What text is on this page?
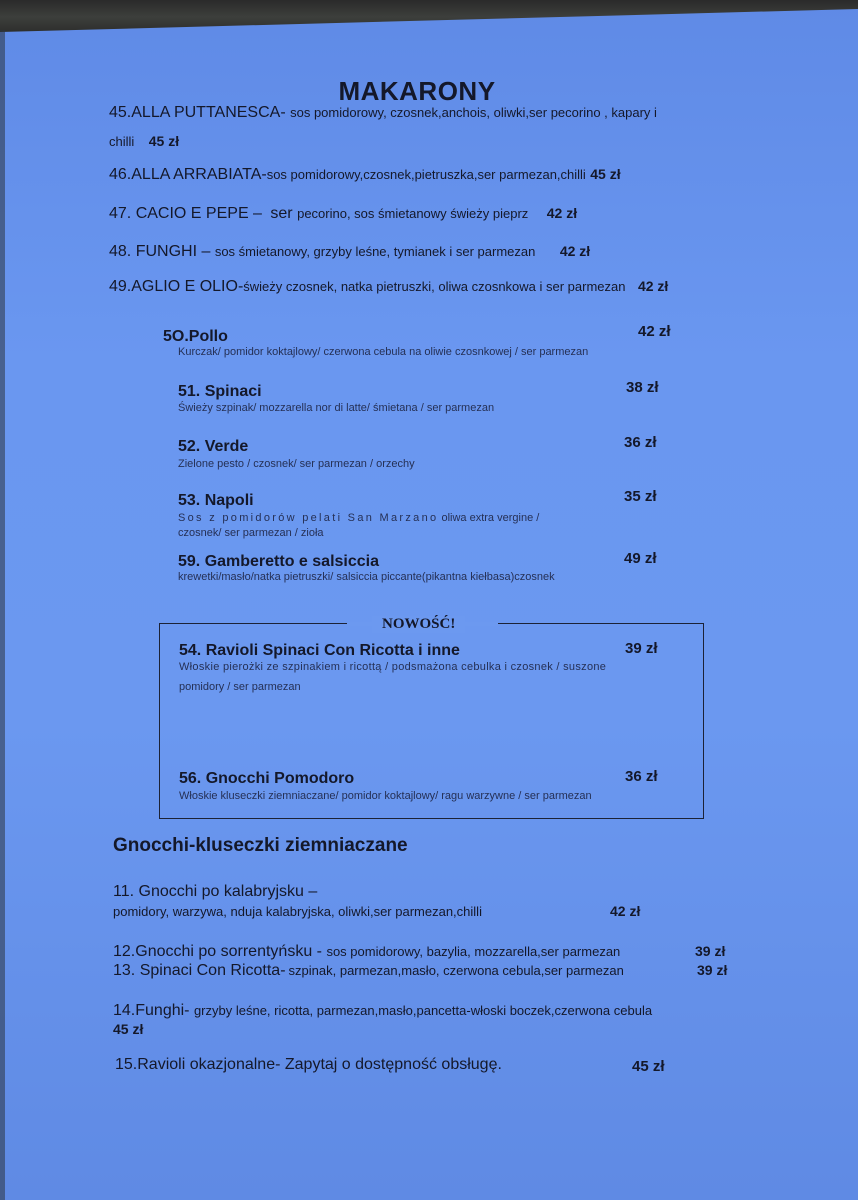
MAKARONY
45.ALLA PUTTANESCA- sos pomidorowy, czosnek,anchois, oliwki,ser pecorino , kapary i
chilli 45 zł
46.ALLA ARRABIATA-sos pomidorowy,czosnek,pietruszka,ser parmezan,chilli 45 zł
47. CACIO E PEPE – ser pecorino, sos śmietanowy świeży pieprz 42 zł
48. FUNGHI – sos śmietanowy, grzyby leśne, tymianek i ser parmezan 42 zł
49.AGLIO E OLIO-świeży czosnek, natka pietruszki, oliwa czosnkowa i ser parmezan 42 zł
5O.Pollo	42 zł
Kurczak/ pomidor koktajlowy/ czerwona cebula na oliwie czosnkowej / ser parmezan
51. Spinaci	38 zł
Świeży szpinak/ mozzarella nor di latte/ śmietana / ser parmezan
52. Verde	36 zł
Zielone pesto / czosnek/ ser parmezan / orzechy
53. Napoli	35 zł
Sos z pomidorów pelati San Marzano oliwa extra vergine /
czosnek/ ser parmezan / zioła
59. Gamberetto e salsiccia	49 zł
krewetki/masło/natka pietruszki/ salsiccia piccante(pikantna kiełbasa)czosnek
NOWOŚĆ!
54. Ravioli Spinaci Con Ricotta i inne	39 zł
Włoskie pierożki ze szpinakiem i ricottą / podsmażona cebulka i czosnek / suszone
pomidory / ser parmezan
56. Gnocchi Pomodoro	36 zł
Włoskie kluseczki ziemniaczane/ pomidor koktajlowy/ ragu warzywne / ser parmezan
Gnocchi-kluseczki ziemniaczane
11. Gnocchi po kalabryjsku –
pomidory, warzywa, nduja kalabryjska, oliwki,ser parmezan,chilli	42 zł
12.Gnocchi po sorrentyńsku - sos pomidorowy, bazylia, mozzarella,ser parmezan	39 zł
13. Spinaci Con Ricotta- szpinak, parmezan,masło, czerwona cebula,ser parmezan	39 zł
14.Funghi- grzyby leśne, ricotta, parmezan,masło,pancetta-włoski boczek,czerwona cebula
45 zł
15.Ravioli okazjonalne- Zapytaj o dostępność obsługę.	45 zł
